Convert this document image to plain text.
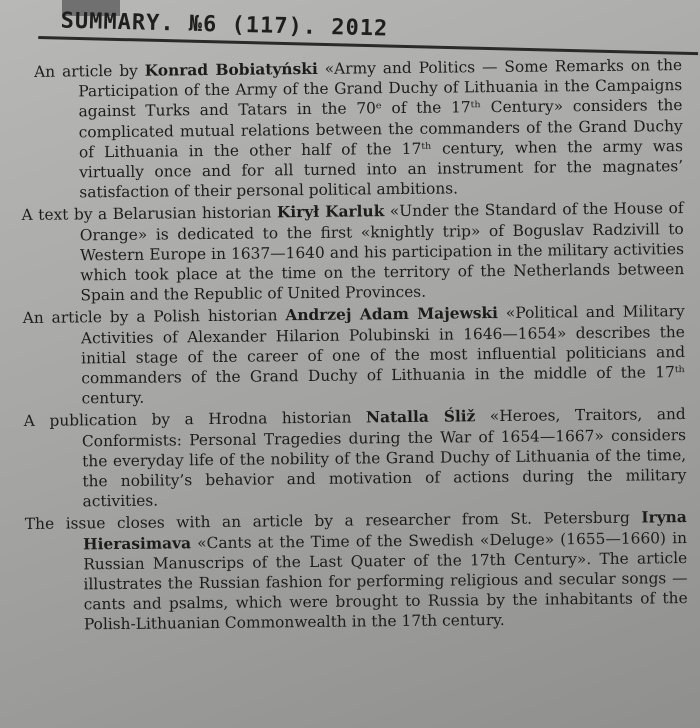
SUMMARY. №6 (117). 2012

An article by Konrad Bobiatyński «Army and Politics — Some Remarks on the Participation of the Army of the Grand Duchy of Lithuania in the Campaigns against Turks and Tatars in the 70ᵉ of the 17ᵗʰ Century» considers the complicated mutual relations between the commanders of the Grand Duchy of Lithuania in the other half of the 17ᵗʰ century, when the army was virtually once and for all turned into an instrument for the magnates’ satisfaction of their personal political ambitions.

A text by a Belarusian historian Kirył Karluk «Under the Standard of the House of Orange» is dedicated to the first «knightly trip» of Boguslav Radzivill to Western Europe in 1637—1640 and his participation in the military activities which took place at the time on the territory of the Netherlands between Spain and the Republic of United Provinces.

An article by a Polish historian Andrzej Adam Majewski «Political and Military Activities of Alexander Hilarion Polubinski in 1646—1654» describes the initial stage of the career of one of the most influential politicians and commanders of the Grand Duchy of Lithuania in the middle of the 17ᵗʰ century.

A publication by a Hrodna historian Natalla Śliž «Heroes, Traitors, and Conformists: Personal Tragedies during the War of 1654—1667» considers the everyday life of the nobility of the Grand Duchy of Lithuania of the time, the nobility’s behavior and motivation of actions during the military activities.

The issue closes with an article by a researcher from St. Petersburg Iryna Hierasimava «Cants at the Time of the Swedish «Deluge» (1655—1660) in Russian Manuscrips of the Last Quater of the 17th Century». The article illustrates the Russian fashion for performing religious and secular songs — cants and psalms, which were brought to Russia by the inhabitants of the Polish-Lithuanian Commonwealth in the 17th century.
